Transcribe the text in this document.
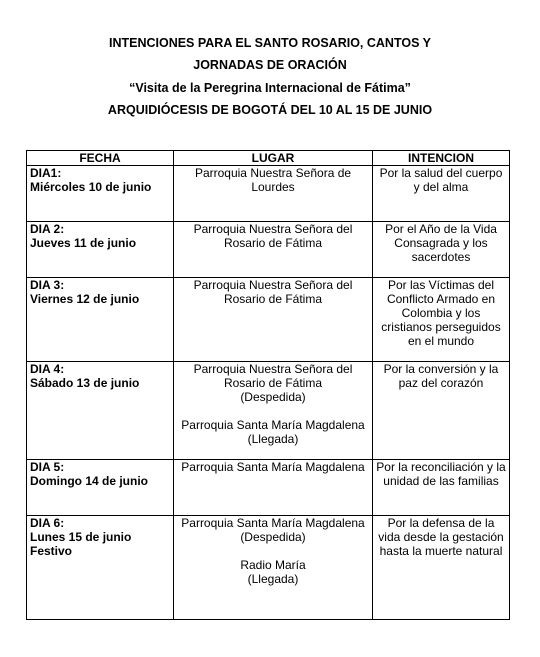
INTENCIONES PARA EL SANTO ROSARIO, CANTOS Y
JORNADAS DE ORACIÓN
“Visita de la Peregrina Internacional de Fátima”
ARQUIDIÓCESIS DE BOGOTÁ DEL 10 AL 15 DE JUNIO
FECHA	LUGAR	INTENCION

DIA1:
Miércoles 10 de junio	Parroquia Nuestra Señora de Lourdes	Por la salud del cuerpo y del alma

DIA 2:
Jueves 11 de junio	Parroquia Nuestra Señora del Rosario de Fátima	Por el Año de la Vida Consagrada y los sacerdotes

DIA 3:
Viernes 12 de junio	Parroquia Nuestra Señora del Rosario de Fátima	Por las Víctimas del Conflicto Armado en Colombia y los cristianos perseguidos en el mundo

DIA 4:
Sábado 13 de junio	Parroquia Nuestra Señora del Rosario de Fátima
(Despedida)
Parroquia Santa María Magdalena
(Llegada)	Por la conversión y la paz del corazón

DIA 5:
Domingo 14 de junio	Parroquia Santa María Magdalena	Por la reconciliación y la unidad de las familias

DIA 6:
Lunes 15 de junio
Festivo	Parroquia Santa María Magdalena
(Despedida)
Radio María
(Llegada)	Por la defensa de la vida desde la gestación hasta la muerte natural
